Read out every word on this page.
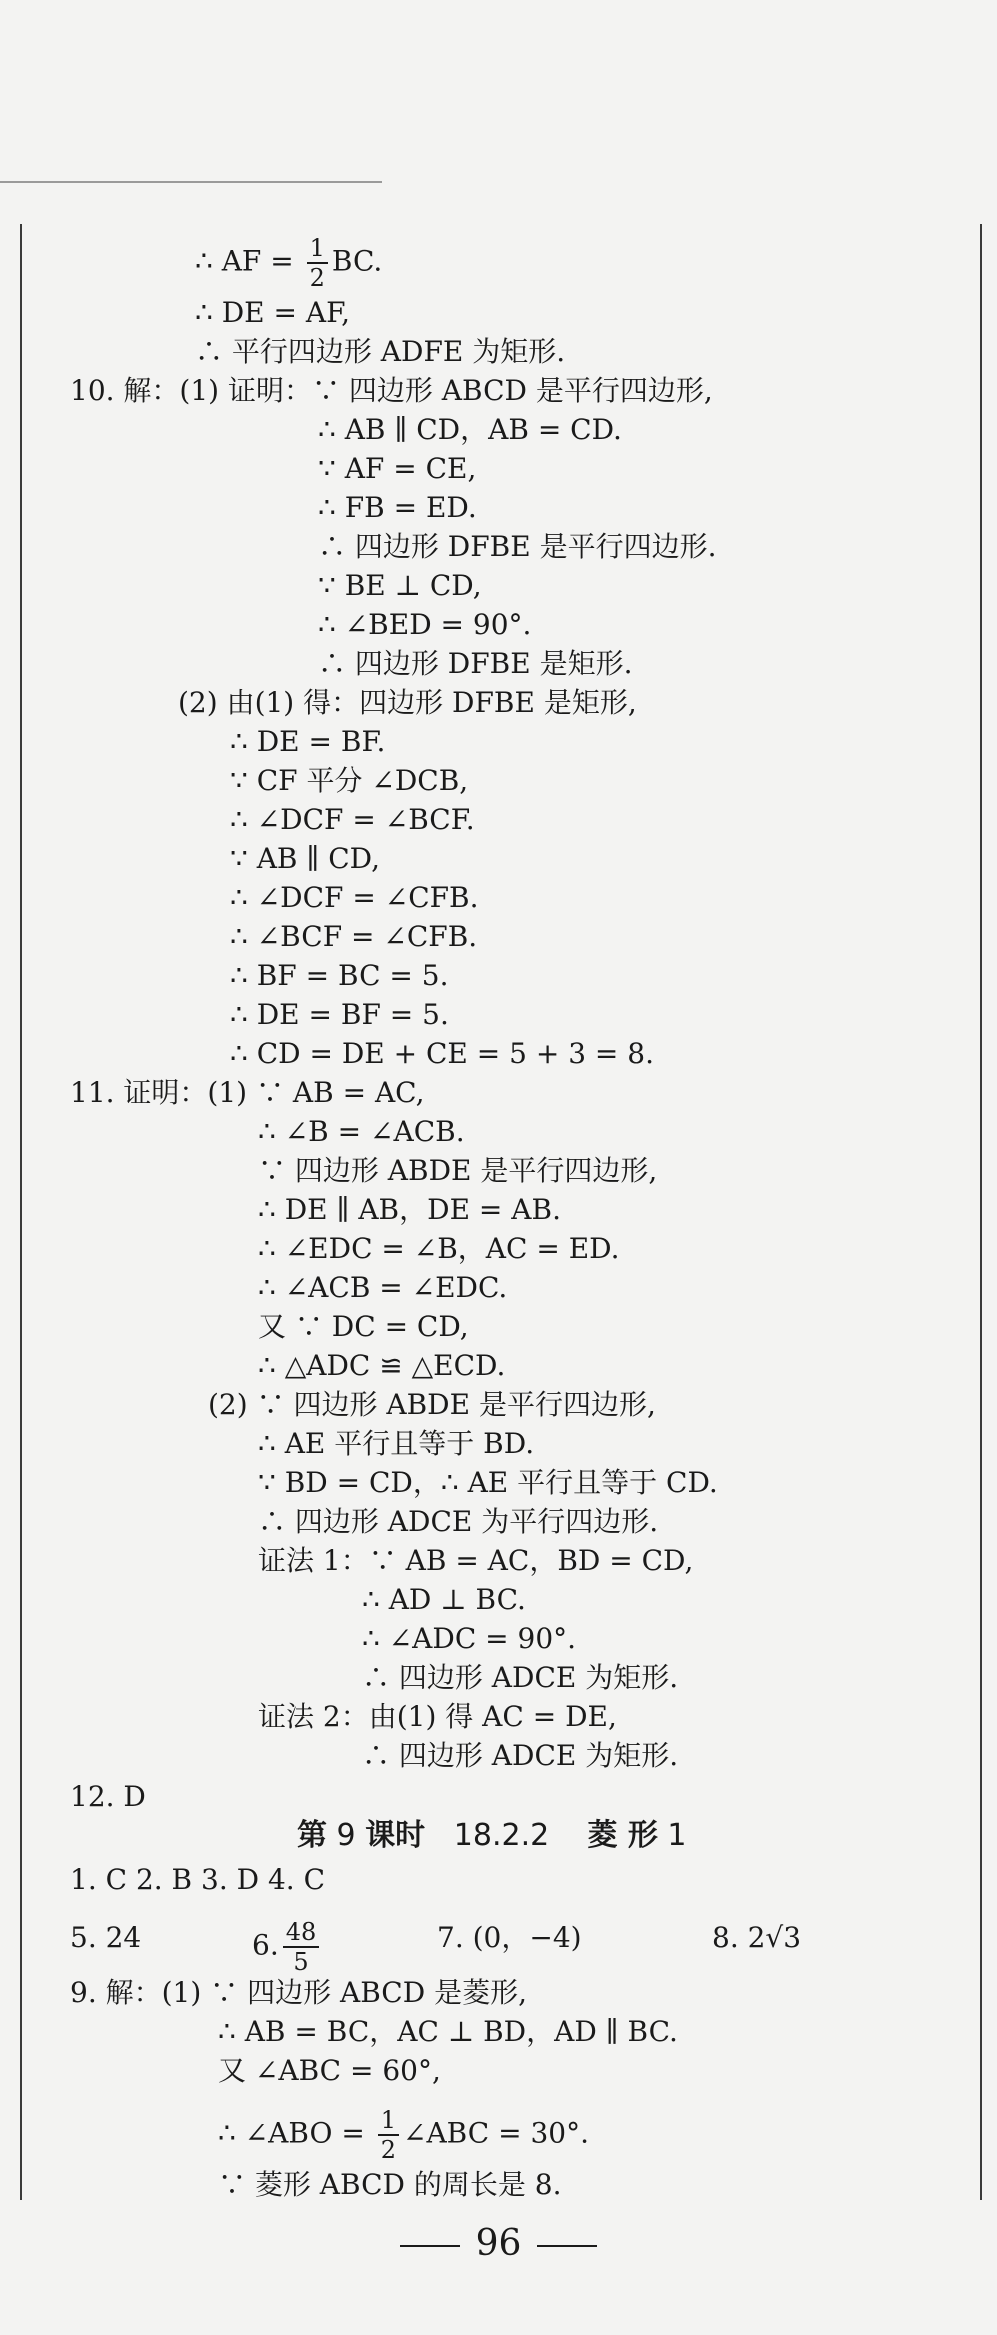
∴ AF = $\frac{1}{2}$ BC.
∴ DE = AF,
∴ 平行四边形 ADFE 为矩形.
10. 解：(1) 证明：∵ 四边形 ABCD 是平行四边形,
∴ AB ∥ CD，AB = CD.
∵ AF = CE,
∴ FB = ED.
∴ 四边形 DFBE 是平行四边形.
∵ BE ⊥ CD,
∴ ∠BED = 90°.
∴ 四边形 DFBE 是矩形.
(2) 由(1) 得：四边形 DFBE 是矩形,
∴ DE = BF.
∵ CF 平分 ∠DCB,
∴ ∠DCF = ∠BCF.
∵ AB ∥ CD,
∴ ∠DCF = ∠CFB.
∴ ∠BCF = ∠CFB.
∴ BF = BC = 5.
∴ DE = BF = 5.
∴ CD = DE + CE = 5 + 3 = 8.
11. 证明：(1) ∵ AB = AC,
∴ ∠B = ∠ACB.
∵ 四边形 ABDE 是平行四边形,
∴ DE ∥ AB，DE = AB.
∴ ∠EDC = ∠B，AC = ED.
∴ ∠ACB = ∠EDC.
又 ∵ DC = CD,
∴ △ADC ≌ △ECD.
(2) ∵ 四边形 ABDE 是平行四边形,
∴ AE 平行且等于 BD.
∵ BD = CD，∴ AE 平行且等于 CD.
∴ 四边形 ADCE 为平行四边形.
证法 1：∵ AB = AC，BD = CD,
∴ AD ⊥ BC.
∴ ∠ADC = 90°.
∴ 四边形 ADCE 为矩形.
证法 2：由(1) 得 AC = DE,
∴ 四边形 ADCE 为矩形.
12. D
第 9 课时 18.2.2 菱 形 1
1. C 2. B 3. D 4. C
5. 24	6. $\frac{48}{5}$	7. (0，−4)	8. 2√3
9. 解：(1) ∵ 四边形 ABCD 是菱形,
∴ AB = BC，AC ⊥ BD，AD ∥ BC.
又 ∠ABC = 60°,
∴ ∠ABO = $\frac{1}{2}$ ∠ABC = 30°.
∵ 菱形 ABCD 的周长是 8.
96
